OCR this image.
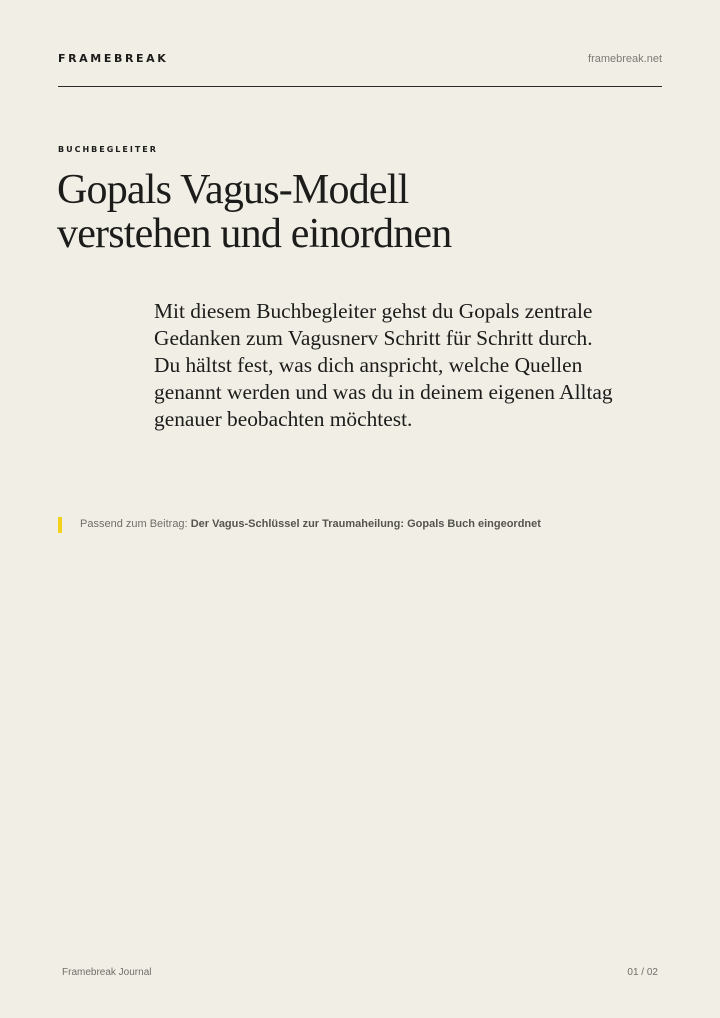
FRAMEBREAK	framebreak.net
BUCHBEGLEITER
Gopals Vagus-Modell
verstehen und einordnen

Mit diesem Buchbegleiter gehst du Gopals zentrale Gedanken zum Vagusnerv Schritt für Schritt durch. Du hältst fest, was dich anspricht, welche Quellen genannt werden und was du in deinem eigenen Alltag genauer beobachten möchtest.

Passend zum Beitrag: Der Vagus-Schlüssel zur Traumaheilung: Gopals Buch eingeordnet
Framebreak Journal	01 / 02
